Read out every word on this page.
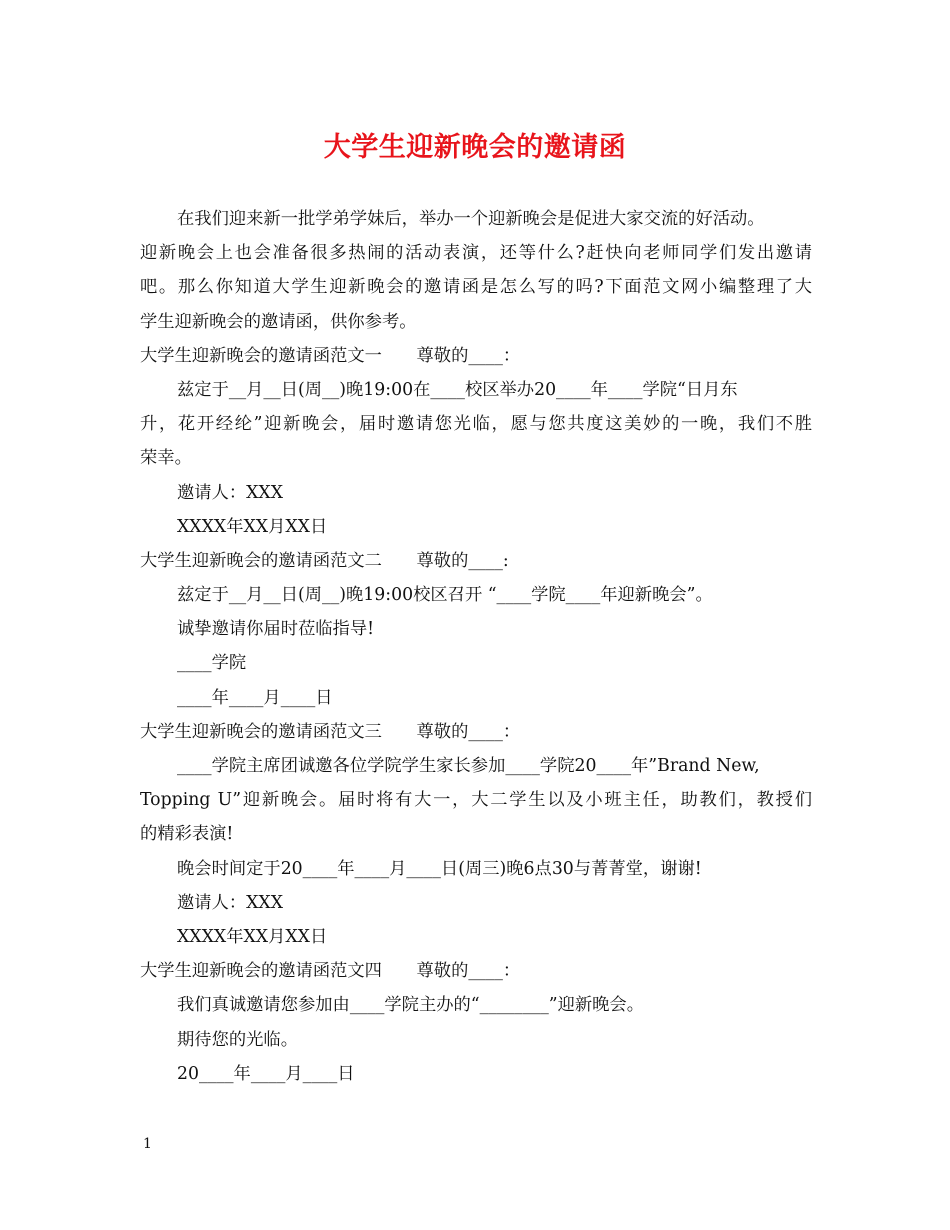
大学生迎新晚会的邀请函
在我们迎来新一批学弟学妹后，举办一个迎新晚会是促进大家交流的好活动。
迎新晚会上也会准备很多热闹的活动表演，还等什么?赶快向老师同学们发出邀请
吧。那么你知道大学生迎新晚会的邀请函是怎么写的吗?下面范文网小编整理了大
学生迎新晚会的邀请函，供你参考。
大学生迎新晚会的邀请函范文一　　尊敬的____：
兹定于__月__日(周__)晚19:00在____校区举办20____年____学院“日月东
升，花开经纶”迎新晚会，届时邀请您光临，愿与您共度这美妙的一晚，我们不胜
荣幸。
邀请人：XXX
XXXX年XX月XX日
大学生迎新晚会的邀请函范文二　　尊敬的____:
兹定于__月__日(周__)晚19:00校区召开 “____学院____年迎新晚会”。
诚挚邀请你届时莅临指导!
____学院
____年____月____日
大学生迎新晚会的邀请函范文三　　尊敬的____：
____学院主席团诚邀各位学院学生家长参加____学院20____年”Brand New,
Topping U”迎新晚会。届时将有大一，大二学生以及小班主任，助教们，教授们
的精彩表演!
晚会时间定于20____年____月____日(周三)晚6点30与菁菁堂，谢谢!
邀请人：XXX
XXXX年XX月XX日
大学生迎新晚会的邀请函范文四　　尊敬的____：
我们真诚邀请您参加由____学院主办的“________”迎新晚会。
期待您的光临。
20____年____月____日
1
